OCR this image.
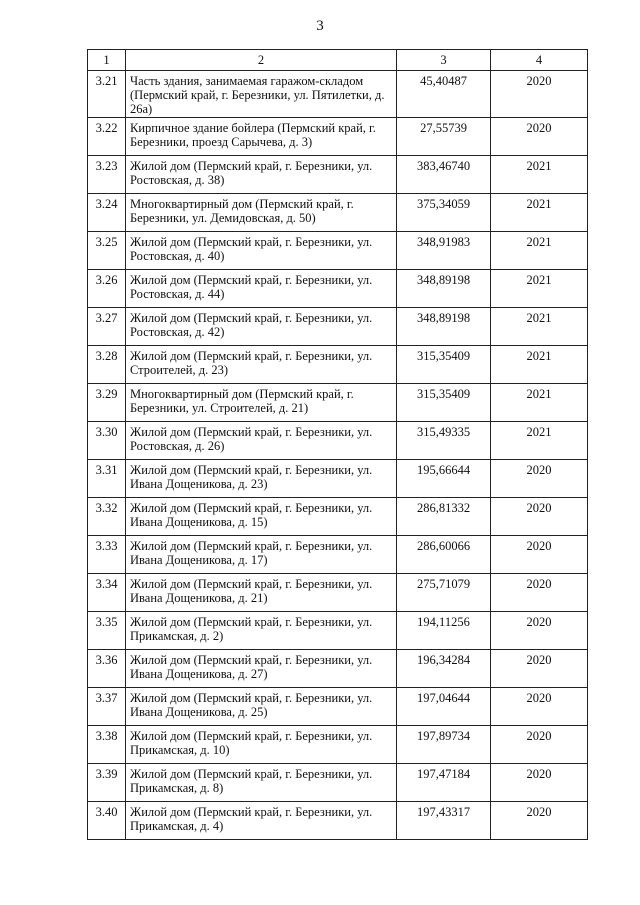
3
1	2	3	4
3.21	Часть здания, занимаемая гаражом-складом (Пермский край, г. Березники, ул. Пятилетки, д. 26а)	45,40487	2020
3.22	Кирпичное здание бойлера (Пермский край, г. Березники, проезд Сарычева, д. 3)	27,55739	2020
3.23	Жилой дом (Пермский край, г. Березники, ул. Ростовская, д. 38)	383,46740	2021
3.24	Многоквартирный дом (Пермский край, г. Березники, ул. Демидовская, д. 50)	375,34059	2021
3.25	Жилой дом (Пермский край, г. Березники, ул. Ростовская, д. 40)	348,91983	2021
3.26	Жилой дом (Пермский край, г. Березники, ул. Ростовская, д. 44)	348,89198	2021
3.27	Жилой дом (Пермский край, г. Березники, ул. Ростовская, д. 42)	348,89198	2021
3.28	Жилой дом (Пермский край, г. Березники, ул. Строителей, д. 23)	315,35409	2021
3.29	Многоквартирный дом (Пермский край, г. Березники, ул. Строителей, д. 21)	315,35409	2021
3.30	Жилой дом (Пермский край, г. Березники, ул. Ростовская, д. 26)	315,49335	2021
3.31	Жилой дом (Пермский край, г. Березники, ул. Ивана Дощеникова, д. 23)	195,66644	2020
3.32	Жилой дом (Пермский край, г. Березники, ул. Ивана Дощеникова, д. 15)	286,81332	2020
3.33	Жилой дом (Пермский край, г. Березники, ул. Ивана Дощеникова, д. 17)	286,60066	2020
3.34	Жилой дом (Пермский край, г. Березники, ул. Ивана Дощеникова, д. 21)	275,71079	2020
3.35	Жилой дом (Пермский край, г. Березники, ул. Прикамская, д. 2)	194,11256	2020
3.36	Жилой дом (Пермский край, г. Березники, ул. Ивана Дощеникова, д. 27)	196,34284	2020
3.37	Жилой дом (Пермский край, г. Березники, ул. Ивана Дощеникова, д. 25)	197,04644	2020
3.38	Жилой дом (Пермский край, г. Березники, ул. Прикамская, д. 10)	197,89734	2020
3.39	Жилой дом (Пермский край, г. Березники, ул. Прикамская, д. 8)	197,47184	2020
3.40	Жилой дом (Пермский край, г. Березники, ул. Прикамская, д. 4)	197,43317	2020
